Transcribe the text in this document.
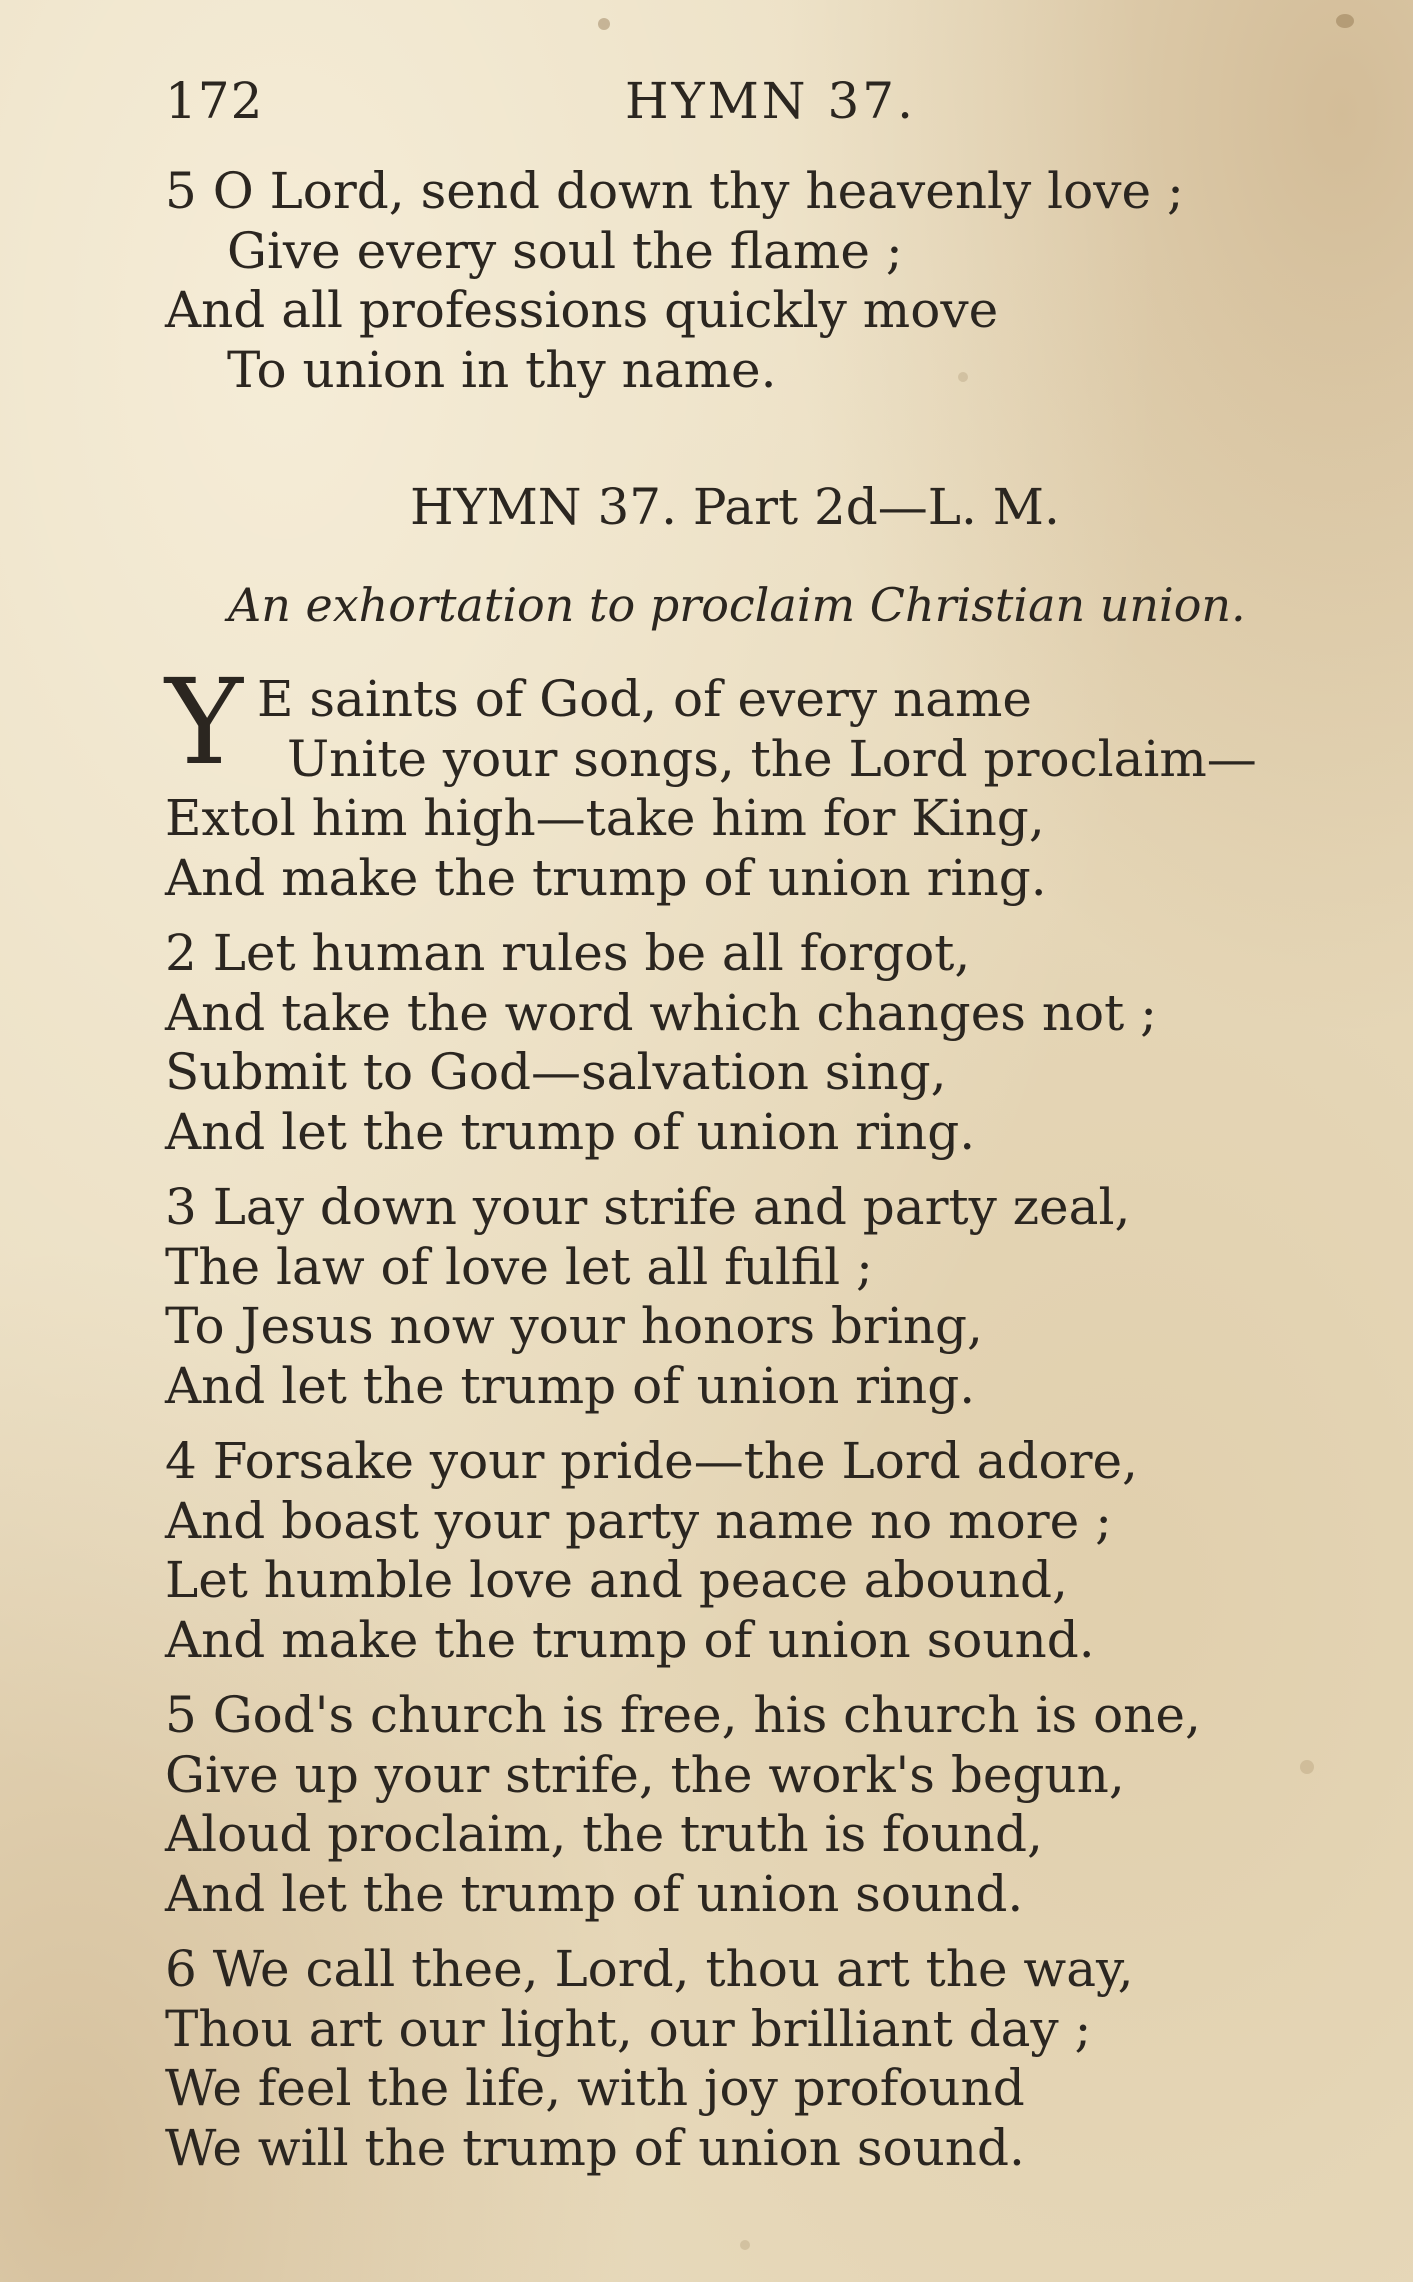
172	HYMN 37.
5 O Lord, send down thy heavenly love ;
Give every soul the flame ;
And all professions quickly move
To union in thy name.
HYMN 37. Part 2d—L. M.
An exhortation to proclaim Christian union.
Y E saints of God, of every name
Unite your songs, the Lord proclaim—
Extol him high—take him for King,
And make the trump of union ring.
2 Let human rules be all forgot,
And take the word which changes not ;
Submit to God—salvation sing,
And let the trump of union ring.
3 Lay down your strife and party zeal,
The law of love let all fulfil ;
To Jesus now your honors bring,
And let the trump of union ring.
4 Forsake your pride—the Lord adore,
And boast your party name no more ;
Let humble love and peace abound,
And make the trump of union sound.
5 God's church is free, his church is one,
Give up your strife, the work's begun,
Aloud proclaim, the truth is found,
And let the trump of union sound.
6 We call thee, Lord, thou art the way,
Thou art our light, our brilliant day ;
We feel the life, with joy profound
We will the trump of union sound.
